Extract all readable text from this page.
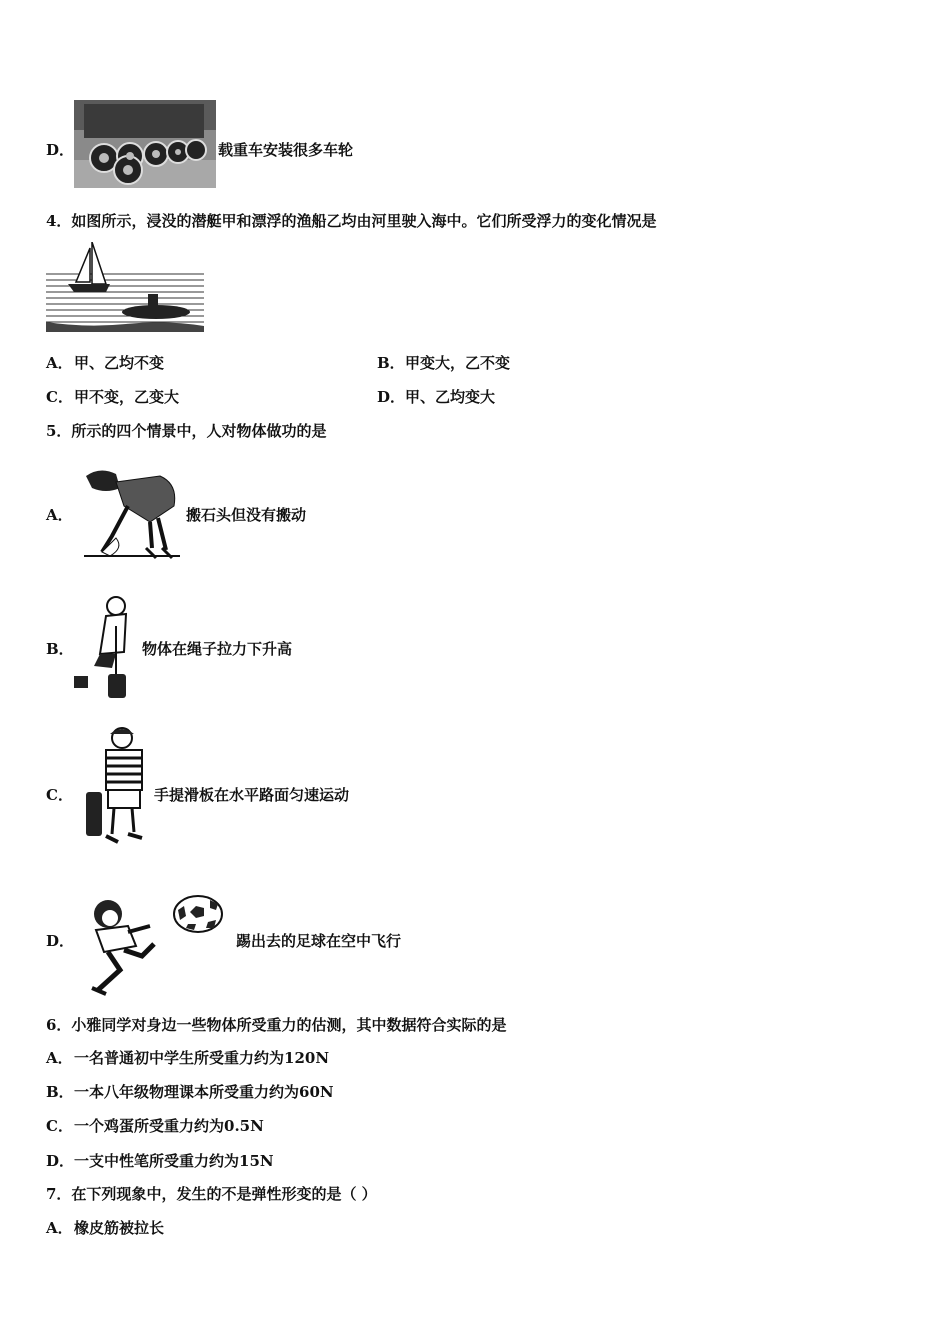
D．	载重车安装很多车轮
4．如图所示，浸没的潜艇甲和漂浮的渔船乙均由河里驶入海中。它们所受浮力的变化情况是
A． 甲、乙均不变	B． 甲变大，乙不变
C． 甲不变，乙变大	D． 甲、乙均变大
5．所示的四个情景中，人对物体做功的是
A．	搬石头但没有搬动
B．	物体在绳子拉力下升高
C．	手提滑板在水平路面匀速运动
D．	踢出去的足球在空中飞行
6．小雅同学对身边一些物体所受重力的估测，其中数据符合实际的是
A． 一名普通初中学生所受重力约为120N
B． 一本八年级物理课本所受重力约为60N
C． 一个鸡蛋所受重力约为0.5N
D． 一支中性笔所受重力约为15N
7．在下列现象中，发生的不是弹性形变的是（ ）
A． 橡皮筋被拉长
